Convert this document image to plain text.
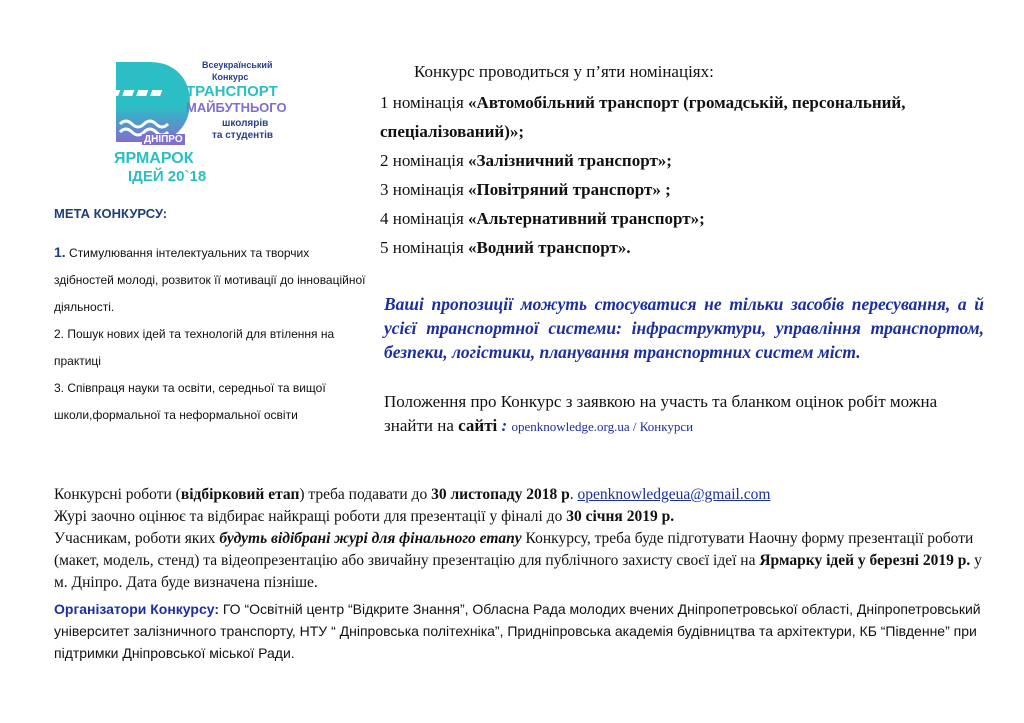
Всеукраїнський
Конкурс
ТРАНСПОРТ
МАЙБУТНЬОГО
ДНІПРО
школярів
та студентів
ЯРМАРОК
ІДЕЙ 20`18
МЕТА КОНКУРСУ:

1. Стимулювання інтелектуальних та творчих здібностей молоді, розвиток її мотивації до інноваційної діяльності.

2. Пошук нових ідей та технологій для втілення на практиці

3. Співпраця науки та освіти, середньої та вищої школи,формальної та неформальної освіти

Конкурс проводиться у п’яти номінаціях:

1 номінація «Автомобільний транспорт (громадській, персональний, спеціалізований)»;

2 номінація «Залізничний транспорт»;

3 номінація «Повітряний транспорт» ;

4 номінація «Альтернативний транспорт»;

5 номінація «Водний транспорт».

Ваші пропозиції можуть стосуватися не тільки засобів пересування, а й усієї транспортної системи: інфраструктури, управління транспортом, безпеки, логістики, планування транспортних систем міст.
Положення про Конкурс з заявкою на участь та бланком оцінок робіт можна знайти на сайті : openknowledge.org.ua / Конкурси
Конкурсні роботи (відбірковий етап) треба подавати до 30 листопаду 2018 р. openknowledgeua@gmail.com
Журі заочно оцінює та відбирає найкращі роботи для презентації у фіналі до 30 січня 2019 р.
Учасникам, роботи яких будуть відібрані журі для фінального етапу Конкурсу, треба буде підготувати Наочну форму презентації роботи (макет, модель, стенд) та відеопрезентацію або звичайну презентацію для публічного захисту своєї ідеї на Ярмарку ідей у березні 2019 р. у м. Дніпро. Дата буде визначена пізніше.
Організатори Конкурсу: ГО “Освітній центр “Відкрите Знання”, Обласна Рада молодих вчених Дніпропетровської області, Дніпропетровський університет залізничного транспорту, НТУ “ Дніпровська політехніка”, Придніпровська академія будівництва та архітектури, КБ “Південне” при підтримки Дніпровської міської Ради.
